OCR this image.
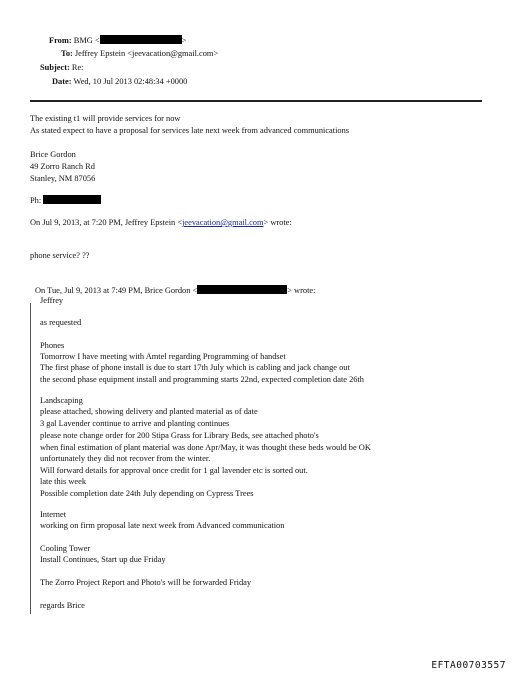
From: BMG <	>
To: Jeffrey Epstein <jeevacation@gmail.com>
Subject: Re:
Date: Wed, 10 Jul 2013 02:48:34 +0000
The existing t1 will provide services for now
As stated expect to have a proposal for services late next week from advanced communications
Brice Gordon
49 Zorro Ranch Rd
Stanley, NM 87056
Ph:
On Jul 9, 2013, at 7:20 PM, Jeffrey Epstein <jeevacation@gmail.com> wrote:
phone service? ??
On Tue, Jul 9, 2013 at 7:49 PM, Brice Gordon <	> wrote:
Jeffrey
as requested
Phones
Tomorrow I have meeting with Amtel regarding Programming of handset
The first phase of phone install is due to start 17th July which is cabling and jack change out
the second phase equipment install and programming starts 22nd, expected completion date 26th
Landscaping
please attached, showing delivery and planted material as of date
3 gal Lavender continue to arrive and planting continues
please note change order for 200 Stipa Grass for Library Beds, see attached photo's
when final estimation of plant material was done Apr/May, it was thought these beds would be OK
unfortunately they did not recover from the winter.
Will forward details for approval once credit for 1 gal lavender etc is sorted out.
late this week
Possible completion date 24th July depending on Cypress Trees
Internet
working on firm proposal late next week from Advanced communication
Cooling Tower
Install Continues, Start up due Friday
The Zorro Project Report and Photo's will be forwarded Friday
regards Brice
EFTA00703557
